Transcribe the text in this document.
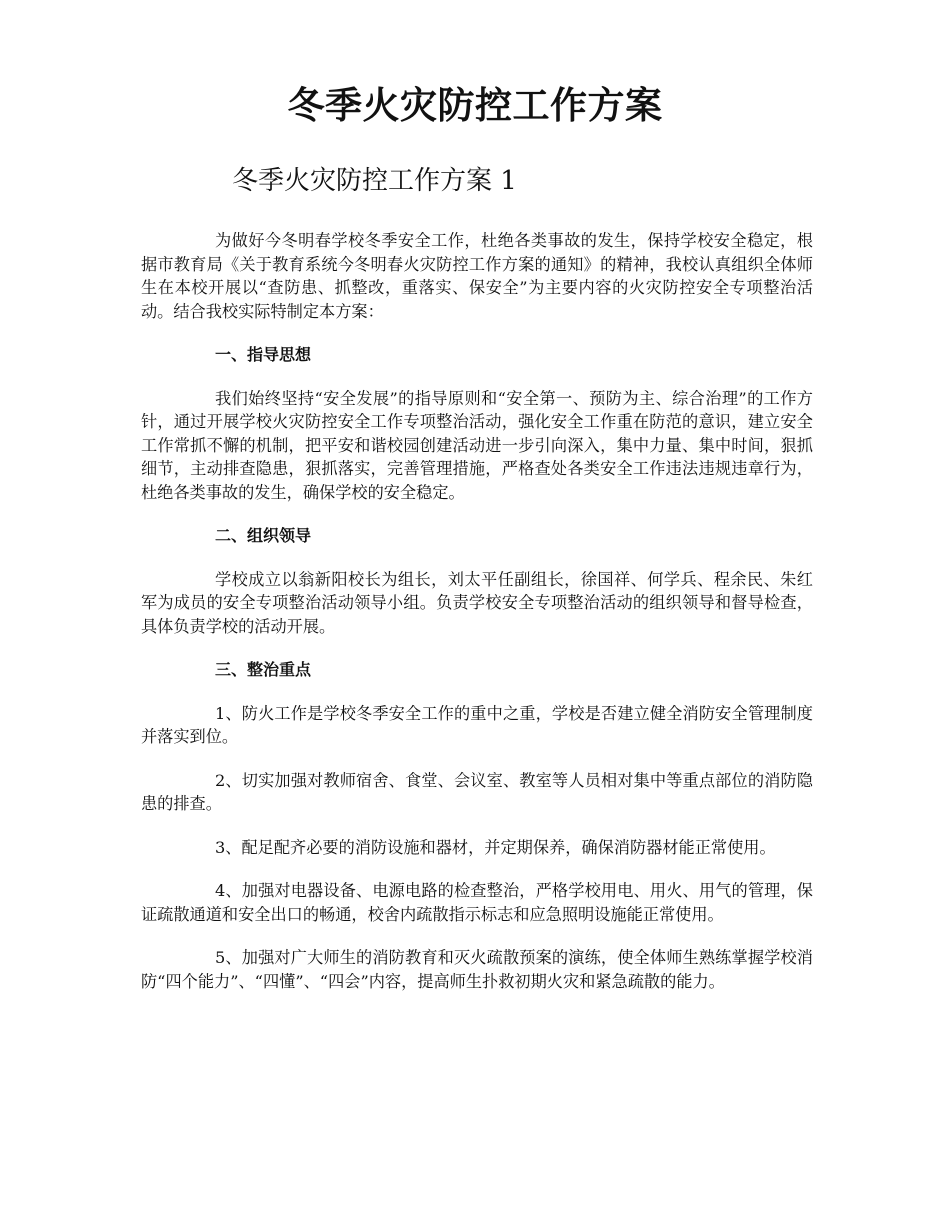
冬季火灾防控工作方案
冬季火灾防控工作方案 1

为做好今冬明春学校冬季安全工作，杜绝各类事故的发生，保持学校安全稳定，根据市教育局《关于教育系统今冬明春火灾防控工作方案的通知》的精神，我校认真组织全体师生在本校开展以“查防患、抓整改，重落实、保安全”为主要内容的火灾防控安全专项整治活动。结合我校实际特制定本方案：

一、指导思想

我们始终坚持“安全发展”的指导原则和“安全第一、预防为主、综合治理”的工作方针，通过开展学校火灾防控安全工作专项整治活动，强化安全工作重在防范的意识，建立安全工作常抓不懈的机制，把平安和谐校园创建活动进一步引向深入，集中力量、集中时间，狠抓细节，主动排查隐患，狠抓落实，完善管理措施，严格查处各类安全工作违法违规违章行为，杜绝各类事故的发生，确保学校的安全稳定。

二、组织领导

学校成立以翁新阳校长为组长，刘太平任副组长，徐国祥、何学兵、程余民、朱红军为成员的安全专项整治活动领导小组。负责学校安全专项整治活动的组织领导和督导检查，具体负责学校的活动开展。

三、整治重点

1、防火工作是学校冬季安全工作的重中之重，学校是否建立健全消防安全管理制度并落实到位。

2、切实加强对教师宿舍、食堂、会议室、教室等人员相对集中等重点部位的消防隐患的排查。

3、配足配齐必要的消防设施和器材，并定期保养，确保消防器材能正常使用。

4、加强对电器设备、电源电路的检查整治，严格学校用电、用火、用气的管理，保证疏散通道和安全出口的畅通，校舍内疏散指示标志和应急照明设施能正常使用。

5、加强对广大师生的消防教育和灭火疏散预案的演练，使全体师生熟练掌握学校消防“四个能力”、“四懂”、“四会”内容，提高师生扑救初期火灾和紧急疏散的能力。
